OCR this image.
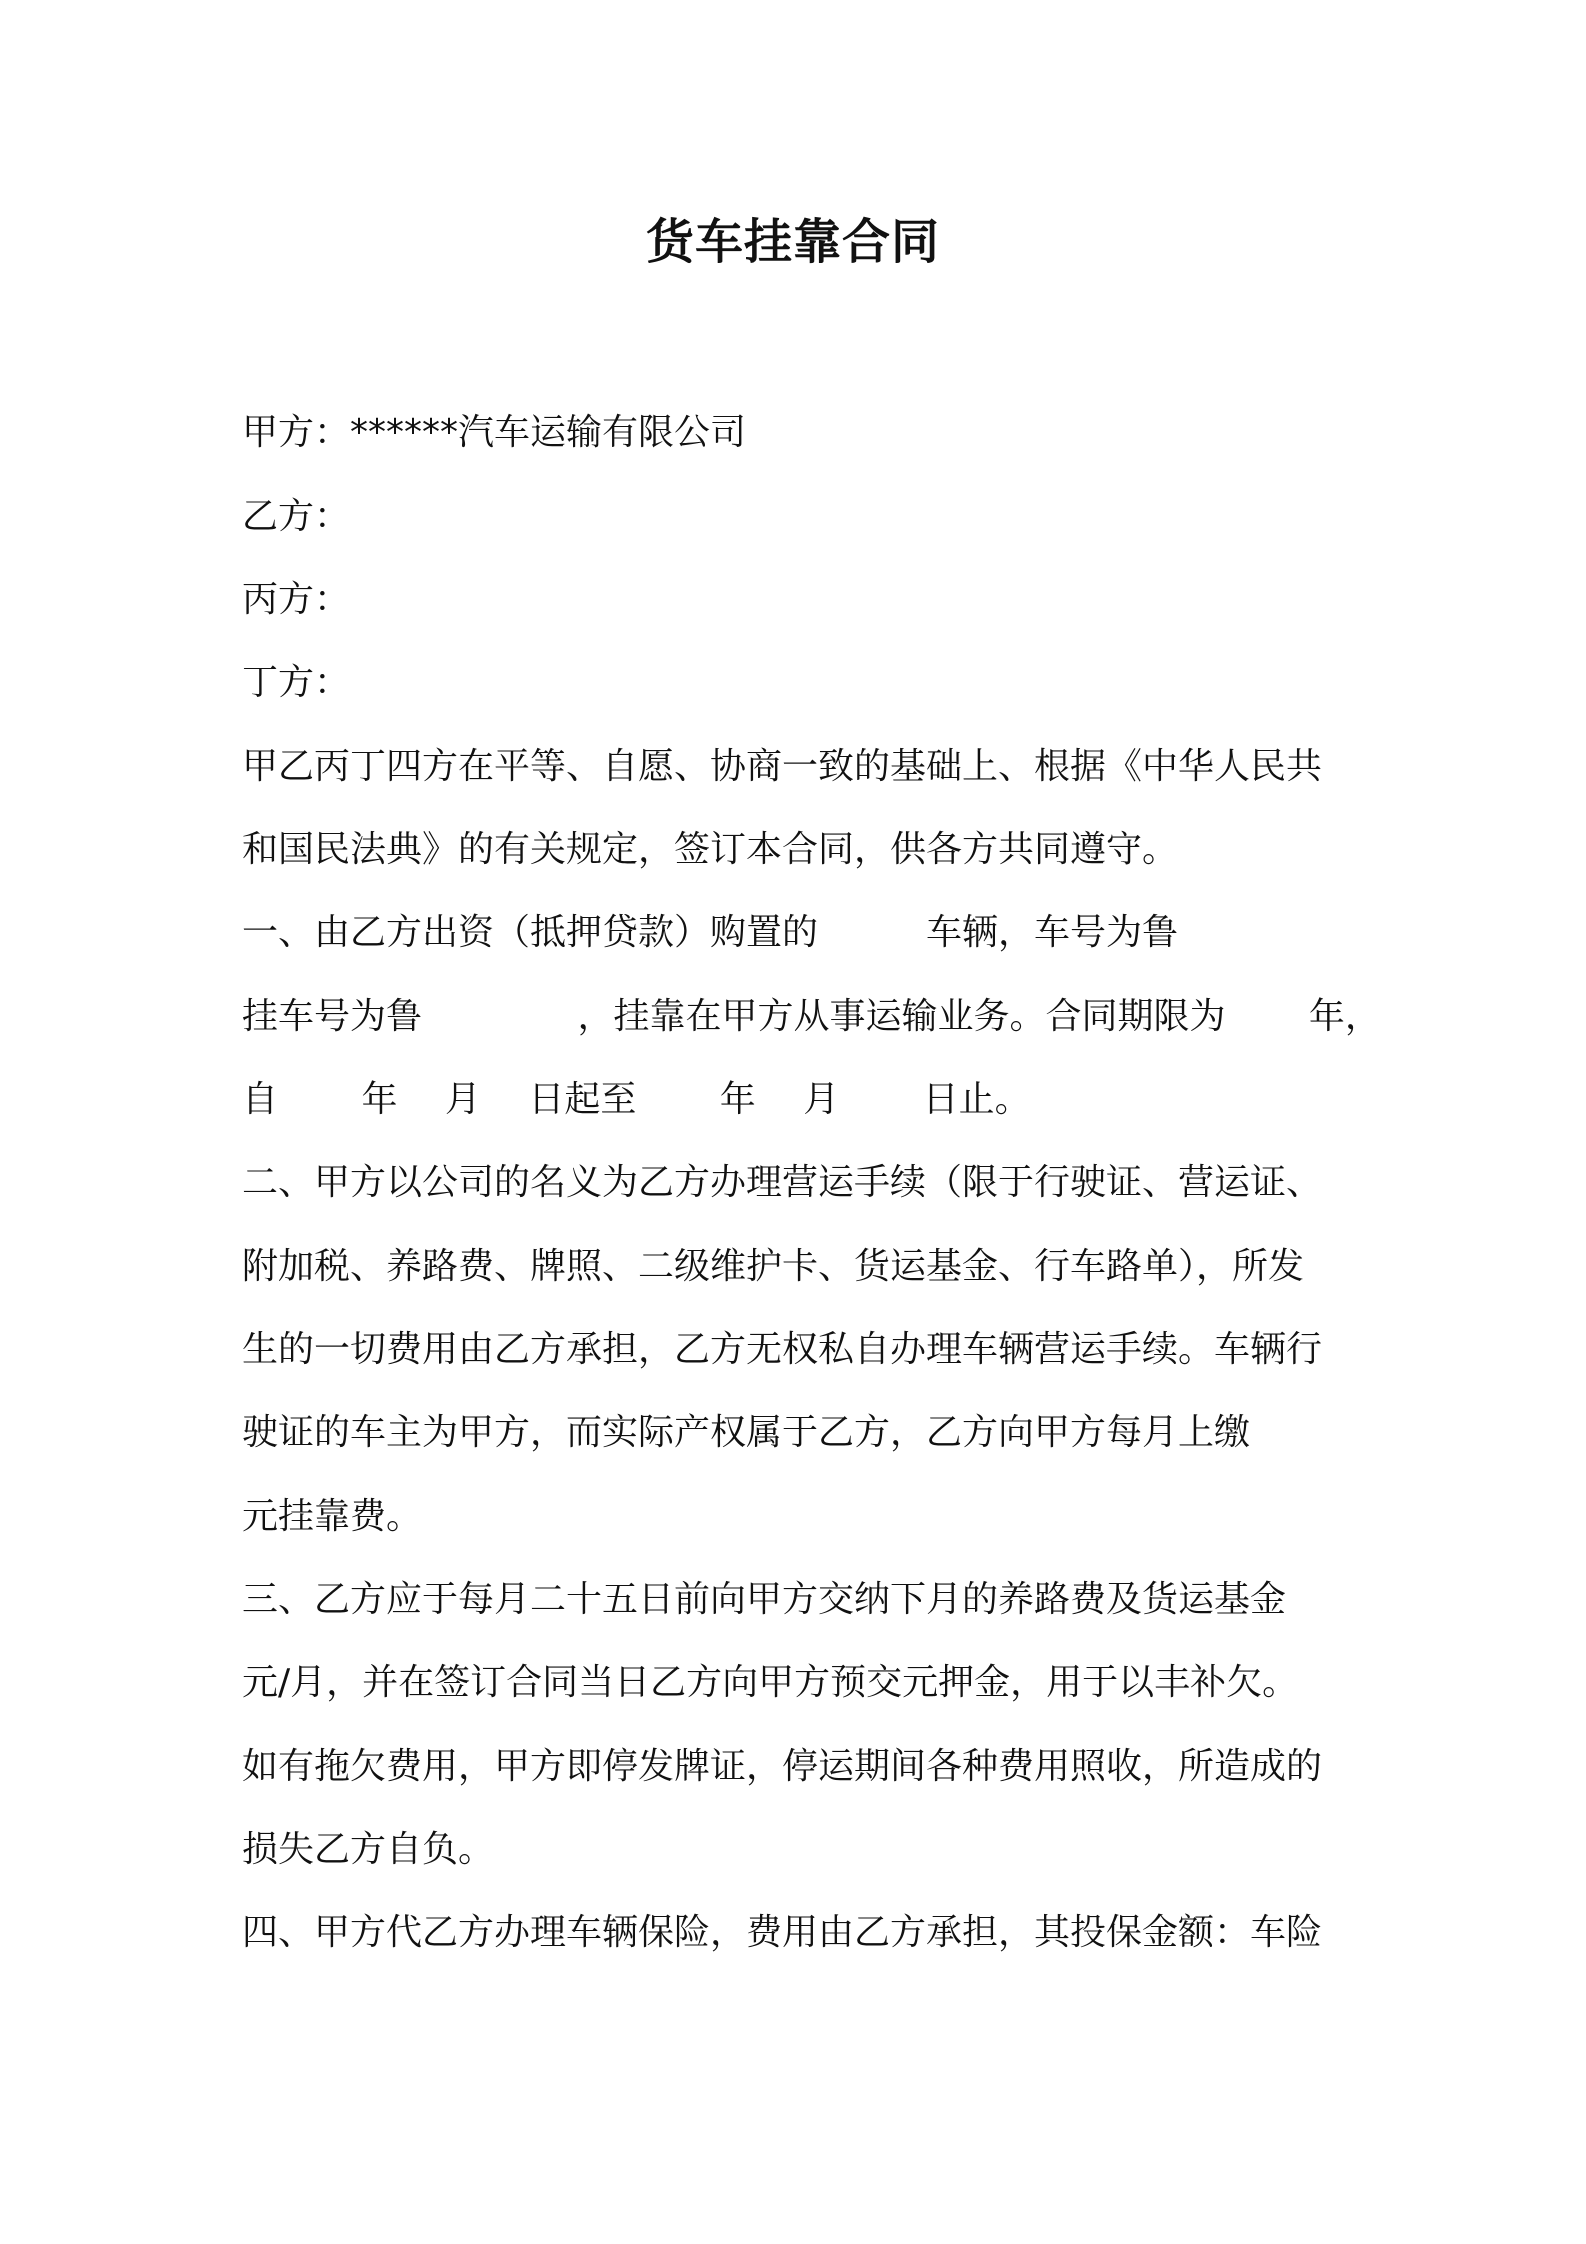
货车挂靠合同
甲方：******汽车运输有限公司
乙方：
丙方：
丁方：
甲乙丙丁四方在平等、自愿、协商一致的基础上、根据《中华人民共
和国民法典》的有关规定，签订本合同，供各方共同遵守。
一、由乙方出资（抵押贷款）购置的　　　车辆，车号为鲁
挂车号为鲁　　　　 ，挂靠在甲方从事运输业务。合同期限为　　 年，
自　　 年　 月　 日起至　　 年　 月　　 日止。
二、甲方以公司的名义为乙方办理营运手续（限于行驶证、营运证、
附加税、养路费、牌照、二级维护卡、货运基金、行车路单），所发
生的一切费用由乙方承担，乙方无权私自办理车辆营运手续。车辆行
驶证的车主为甲方，而实际产权属于乙方，乙方向甲方每月上缴
元挂靠费。
三、乙方应于每月二十五日前向甲方交纳下月的养路费及货运基金
元/月，并在签订合同当日乙方向甲方预交元押金，用于以丰补欠。
如有拖欠费用，甲方即停发牌证，停运期间各种费用照收，所造成的
损失乙方自负。
四、甲方代乙方办理车辆保险，费用由乙方承担，其投保金额：车险
